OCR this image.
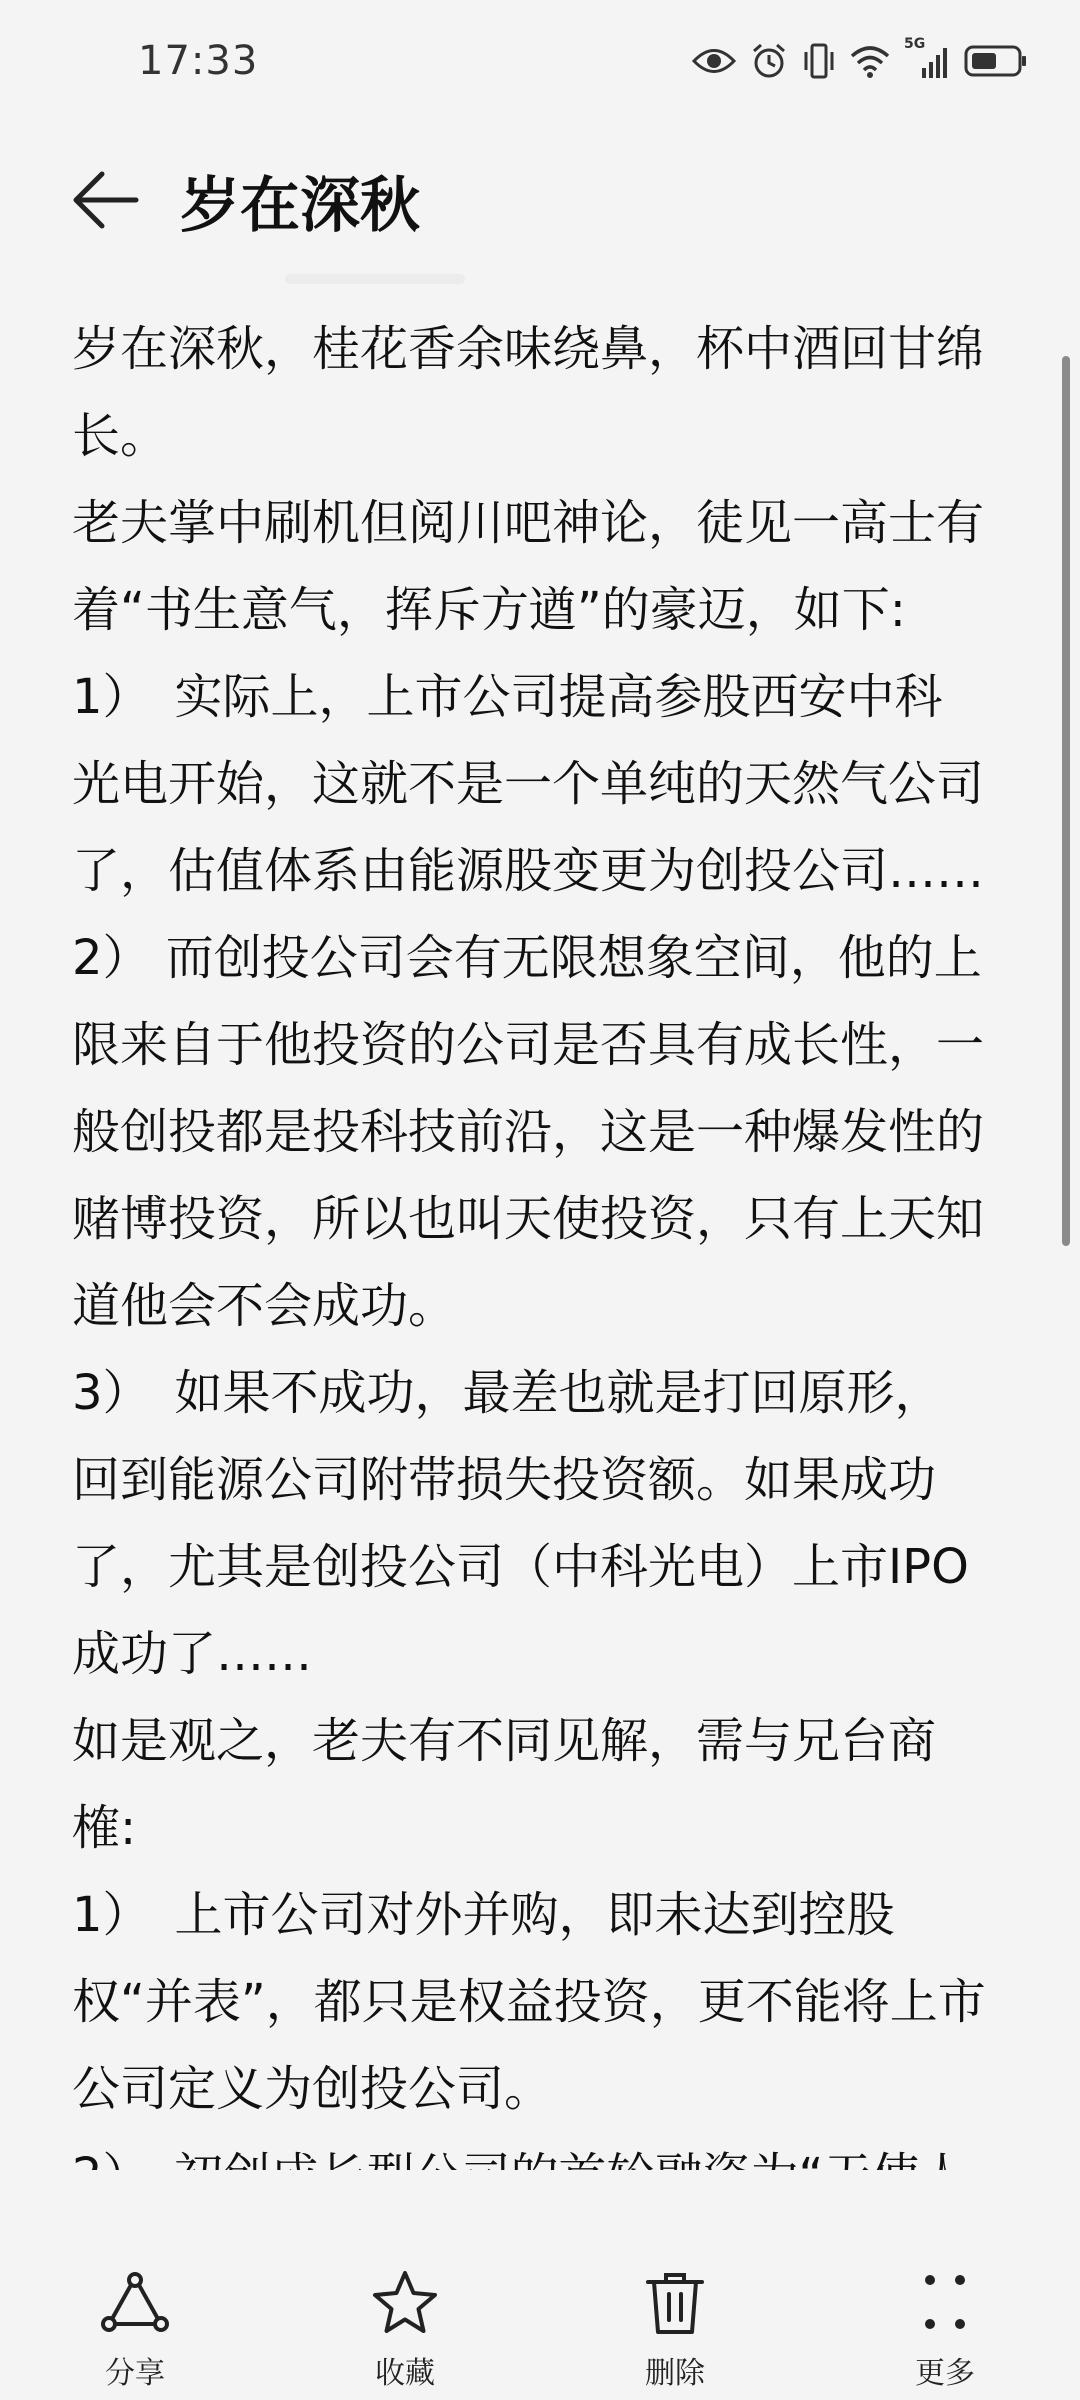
17:33	5G
岁在深秋

岁在深秋，桂花香余味绕鼻，杯中酒回甘绵长。

老夫掌中刷机但阅川吧神论，徒见一高士有着“书生意气，挥斥方遒”的豪迈，如下:

1）　实际上，上市公司提高参股西安中科光电开始，这就不是一个单纯的天然气公司了，估值体系由能源股变更为创投公司……

2） 而创投公司会有无限想象空间，他的上限来自于他投资的公司是否具有成长性，一般创投都是投科技前沿，这是一种爆发性的赌博投资，所以也叫天使投资，只有上天知道他会不会成功。

3）　如果不成功，最差也就是打回原形，回到能源公司附带损失投资额。如果成功了，尤其是创投公司（中科光电）上市IPO成功了……

如是观之，老夫有不同见解，需与兄台商榷:

1）　上市公司对外并购，即未达到控股权“并表”，都只是权益投资，更不能将上市公司定义为创投公司。

分享	收藏	删除	更多
